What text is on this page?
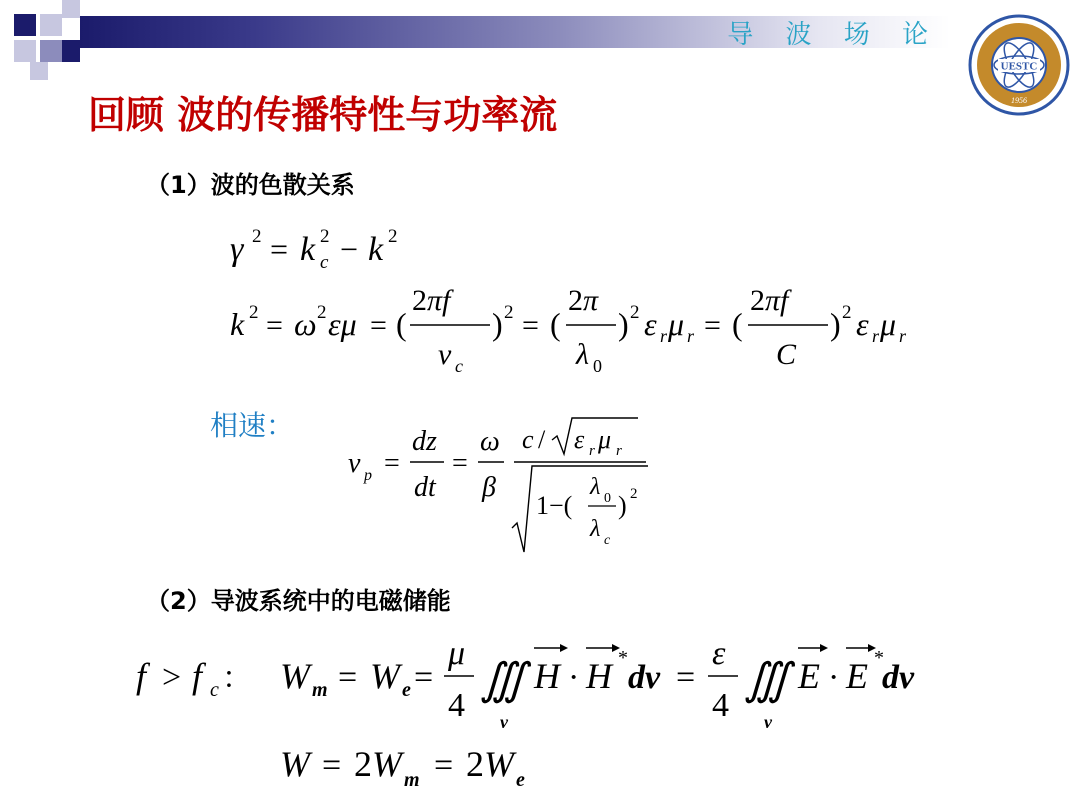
导 波 场 论
UESTC
1956
回顾 波的传播特性与功率流
（1）波的色散关系
γ 2 = k 2
c − k 2
k 2 = ω 2 εμ = (
2πf
v c
) 2 = (
2π
λ 0
) 2 ε r μ r = (
2πf
C
) 2 ε r μ r
相速：
v p =
dz
dt
=
ω
β
c / ε r μ r
1−(
λ 0
λ c
) 2
（2）导波系统中的电磁储能
f > f c ： W m = W e =
μ
4
∭
v
H · H *
dv =
ε
4
∭
v
E · E *
dv
W = 2W m = 2W e
